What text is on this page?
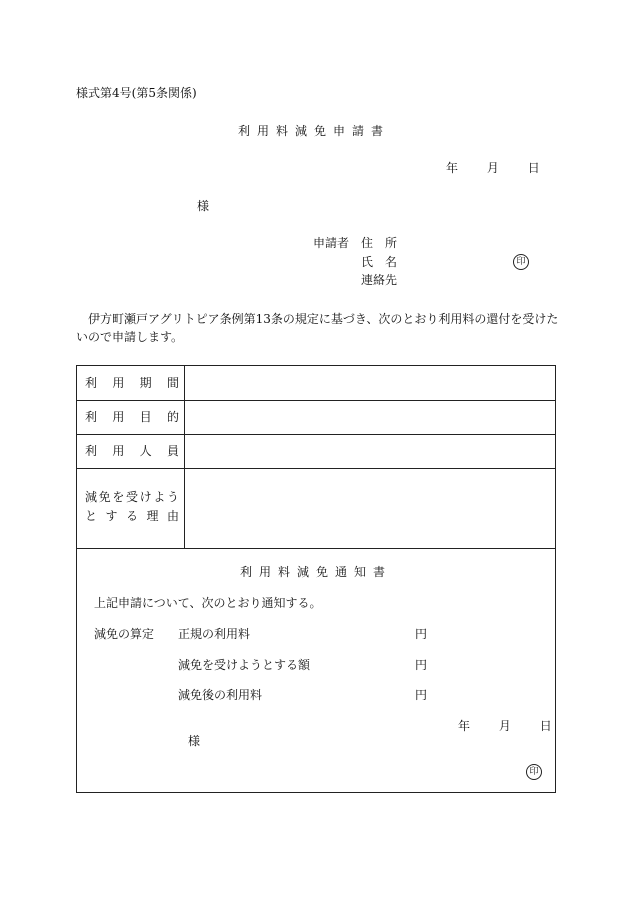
様式第4号(第5条関係)
利用料減免申請書
年 月 日
様
申請者 住　所
氏　名	印
連絡先
　伊方町瀬戸アグリトピア条例第13条の規定に基づき、次のとおり利用料の還付を受けた
いので申請します。
利用期間
利用目的
利用人員
減免を受けよう
とする理由
利用料減免通知書
上記申請について、次のとおり通知する。
減免の算定 正規の利用料	円
減免を受けようとする額	円
減免後の利用料	円
年 月 日
様
印
